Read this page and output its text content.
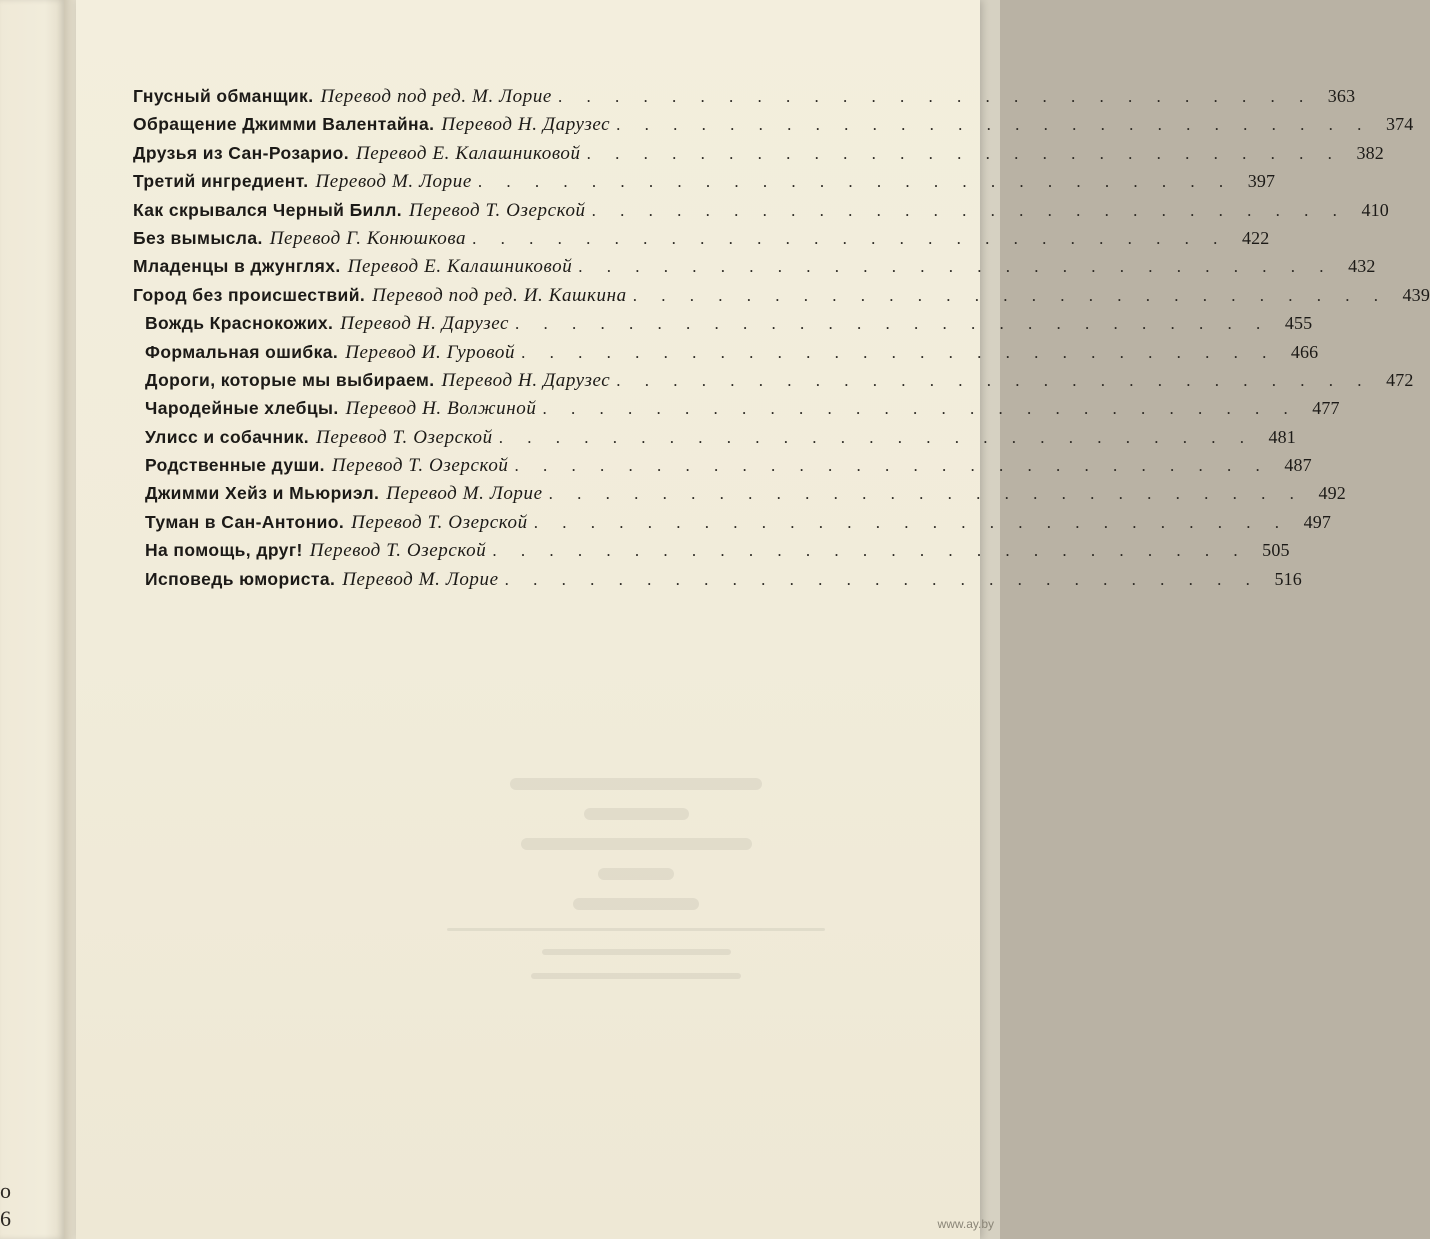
o
6
Гнусный обманщик. Перевод под ред. М. Лорие . . . . . . . . . . . . . . . . . . . . . . . . . . . 363
Обращение Джимми Валентайна. Перевод Н. Дарузес . . . . . . . . . . . . . . . . . . . . . . . . . . . 374
Друзья из Сан-Розарио. Перевод Е. Калашниковой . . . . . . . . . . . . . . . . . . . . . . . . . . . 382
Третий ингредиент. Перевод М. Лорие . . . . . . . . . . . . . . . . . . . . . . . . . . . 397
Как скрывался Черный Билл. Перевод Т. Озерской . . . . . . . . . . . . . . . . . . . . . . . . . . . 410
Без вымысла. Перевод Г. Конюшкова . . . . . . . . . . . . . . . . . . . . . . . . . . . 422
Младенцы в джунглях. Перевод Е. Калашниковой . . . . . . . . . . . . . . . . . . . . . . . . . . . 432
Город без происшествий. Перевод под ред. И. Кашкина . . . . . . . . . . . . . . . . . . . . . . . . . . . 439
Вождь Краснокожих. Перевод Н. Дарузес . . . . . . . . . . . . . . . . . . . . . . . . . . . 455
Формальная ошибка. Перевод И. Гуровой . . . . . . . . . . . . . . . . . . . . . . . . . . . 466
Дороги, которые мы выбираем. Перевод Н. Дарузес . . . . . . . . . . . . . . . . . . . . . . . . . . . 472
Чародейные хлебцы. Перевод Н. Волжиной . . . . . . . . . . . . . . . . . . . . . . . . . . . 477
Улисс и собачник. Перевод Т. Озерской . . . . . . . . . . . . . . . . . . . . . . . . . . . 481
Родственные души. Перевод Т. Озерской . . . . . . . . . . . . . . . . . . . . . . . . . . . 487
Джимми Хейз и Мьюриэл. Перевод М. Лорие . . . . . . . . . . . . . . . . . . . . . . . . . . . 492
Туман в Сан-Антонио. Перевод Т. Озерской . . . . . . . . . . . . . . . . . . . . . . . . . . . 497
На помощь, друг! Перевод Т. Озерской . . . . . . . . . . . . . . . . . . . . . . . . . . . 505
Исповедь юмориста. Перевод М. Лорие . . . . . . . . . . . . . . . . . . . . . . . . . . . 516
www.ay.by
